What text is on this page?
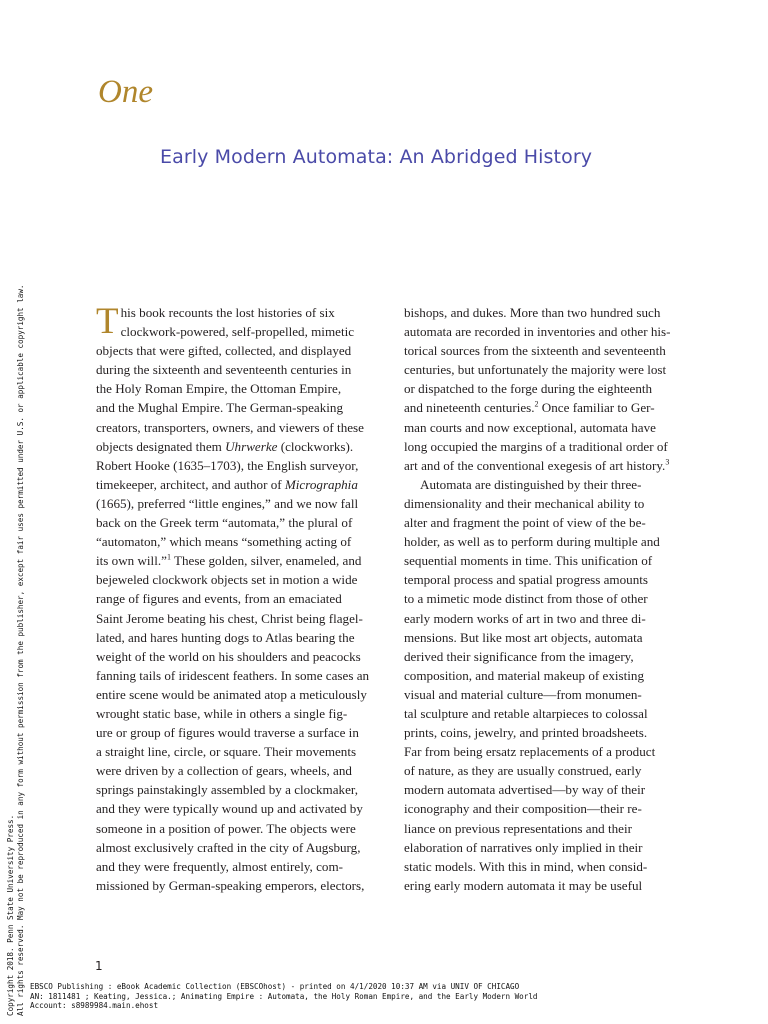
One
Early Modern Automata: An Abridged History
T his book recounts the lost histories of six
clockwork-powered, self-propelled, mimetic
objects that were gifted, collected, and displayed
during the sixteenth and seventeenth centuries in
the Holy Roman Empire, the Ottoman Empire,
and the Mughal Empire. The German-speaking
creators, transporters, owners, and viewers of these
objects designated them Uhrwerke (clockworks).
Robert Hooke (1635–1703), the English surveyor,
timekeeper, architect, and author of Micrographia
(1665), preferred “little engines,” and we now fall
back on the Greek term “automata,” the plural of
“automaton,” which means “something acting of
its own will.”$^1$ These golden, silver, enameled, and
bejeweled clockwork objects set in motion a wide
range of figures and events, from an emaciated
Saint Jerome beating his chest, Christ being flagel-
lated, and hares hunting dogs to Atlas bearing the
weight of the world on his shoulders and peacocks
fanning tails of iridescent feathers. In some cases an
entire scene would be animated atop a meticulously
wrought static base, while in others a single fig-
ure or group of figures would traverse a surface in
a straight line, circle, or square. Their movements
were driven by a collection of gears, wheels, and
springs painstakingly assembled by a clockmaker,
and they were typically wound up and activated by
someone in a position of power. The objects were
almost exclusively crafted in the city of Augsburg,
and they were frequently, almost entirely, com-
missioned by German-speaking emperors, electors,
bishops, and dukes. More than two hundred such
automata are recorded in inventories and other his-
torical sources from the sixteenth and seventeenth
centuries, but unfortunately the majority were lost
or dispatched to the forge during the eighteenth
and nineteenth centuries.$^2$ Once familiar to Ger-
man courts and now exceptional, automata have
long occupied the margins of a traditional order of
art and of the conventional exegesis of art history.$^3$
Automata are distinguished by their three-
dimensionality and their mechanical ability to
alter and fragment the point of view of the be-
holder, as well as to perform during multiple and
sequential moments in time. This unification of
temporal process and spatial progress amounts
to a mimetic mode distinct from those of other
early modern works of art in two and three di-
mensions. But like most art objects, automata
derived their significance from the imagery,
composition, and material makeup of existing
visual and material culture—from monumen-
tal sculpture and retable altarpieces to colossal
prints, coins, jewelry, and printed broadsheets.
Far from being ersatz replacements of a product
of nature, as they are usually construed, early
modern automata advertised—by way of their
iconography and their composition—their re-
liance on previous representations and their
elaboration of narratives only implied in their
static models. With this in mind, when consid-
ering early modern automata it may be useful

1

EBSCO Publishing : eBook Academic Collection (EBSCOhost) - printed on 4/1/2020 10:37 AM via UNIV OF CHICAGO
AN: 1811481 ; Keating, Jessica.; Animating Empire : Automata, the Holy Roman Empire, and the Early Modern World
Account: s8989984.main.ehost
Copyright 2018. Penn State University Press. All rights reserved. May not be reproduced in any form without permission from the publisher, except fair uses permitted under U.S. or applicable copyright law.
